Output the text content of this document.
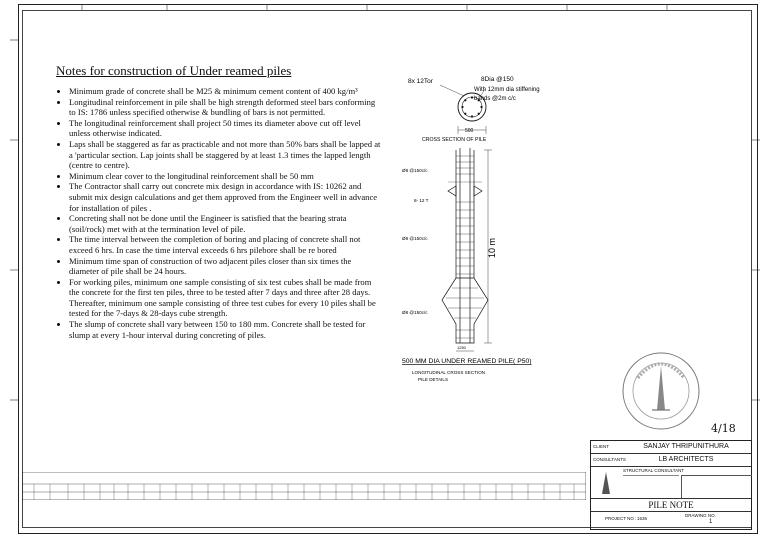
Notes for construction of Under reamed piles
• Minimum grade of concrete shall be M25 & minimum cement content of 400 kg/m³
• Longitudinal reinforcement in pile shall be high strength deformed steel bars conforming to IS: 1786 unless specified otherwise & bundling of bars is not permitted.
• The longitudinal reinforcement shall project 50 times its diameter above cut off level unless otherwise indicated.
• Laps shall be staggered as far as practicable and not more than 50% bars shall be lapped at a 'particular section. Lap joints shall be staggered by at least 1.3 times the lapped length (centre to centre).
• Minimum clear cover to the longitudinal reinforcement shall be 50 mm
• The Contractor shall carry out concrete mix design in accordance with IS: 10262 and submit mix design calculations and get them approved from the Engineer well in advance for installation of piles .
• Concreting shall not be done until the Engineer is satisfied that the bearing strata (soil/rock) met with at the termination level of pile.
• The time interval between the completion of boring and placing of concrete shall not exceed 6 hrs. In case the time interval exceeds 6 hrs pilebore shall be re bored
• Minimum time span of construction of two adjacent piles closer than six times the diameter of pile shall be 24 hours.
• For working piles, minimum one sample consisting of six test cubes shall be made from the concrete for the first ten piles, three to be tested after 7 days and three after 28 days. Thereafter, minimum one sample consisting of three test cubes for every 10 piles shall be tested for the 7-days & 28-days cube strength.
• The slump of concrete shall vary between 150 to 180 mm. Concrete shall be tested for slump at every 1-hour interval during concreting of piles.
8x 12Tor	8Dia @150
With 12mm dia stiffening
bands @2m c/c
500
CROSS SECTION OF PILE
Ø8 @150c/c
8- 12 T
Ø8 @150c/c
Ø8 @150c/c
10 m
1250
500 MM DIA UNDER REAMED PILE( P50)
LONGITUDINAL CROSS SECTION
PILE DETAILS
4/18
CLIENT	SANJAY THRIPUNITHURA
CONSULTANTS	LB ARCHITECTS
STRUCTURAL CONSULTANT
PILE NOTE
PROJECT NO : 1536
DRAWING NO.
1
